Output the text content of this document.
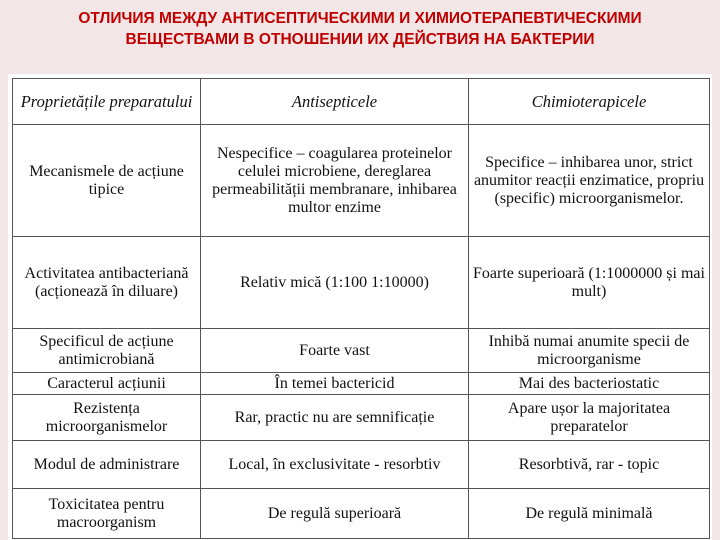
ОТЛИЧИЯ МЕЖДУ АНТИСЕПТИЧЕСКИМИ И ХИМИОТЕРАПЕВТИЧЕСКИМИ
ВЕЩЕСТВАМИ В ОТНОШЕНИИ ИХ ДЕЙСТВИЯ НА БАКТЕРИИ
Proprietățile preparatului	Antisepticele	Chimioterapicele
Mecanismele de acțiune tipice	Nespecifice – coagularea proteinelor celulei microbiene, dereglarea permeabilității membranare, inhibarea multor enzime	Specifice – inhibarea unor, strict anumitor reacții enzimatice, propriu (specific) microorganismelor.
Activitatea antibacteriană (acționează în diluare)	Relativ mică (1:100 1:10000)	Foarte superioară (1:1000000 și mai mult)
Specificul de acțiune antimicrobiană	Foarte vast	Inhibă numai anumite specii de microorganisme
Caracterul acțiunii	În temei bactericid	Mai des bacteriostatic
Rezistența microorganismelor	Rar, practic nu are semnificație	Apare ușor la majoritatea preparatelor
Modul de administrare	Local, în exclusivitate - resorbtiv	Resorbtivă, rar - topic
Toxicitatea pentru macroorganism	De regulă superioară	De regulă minimală
